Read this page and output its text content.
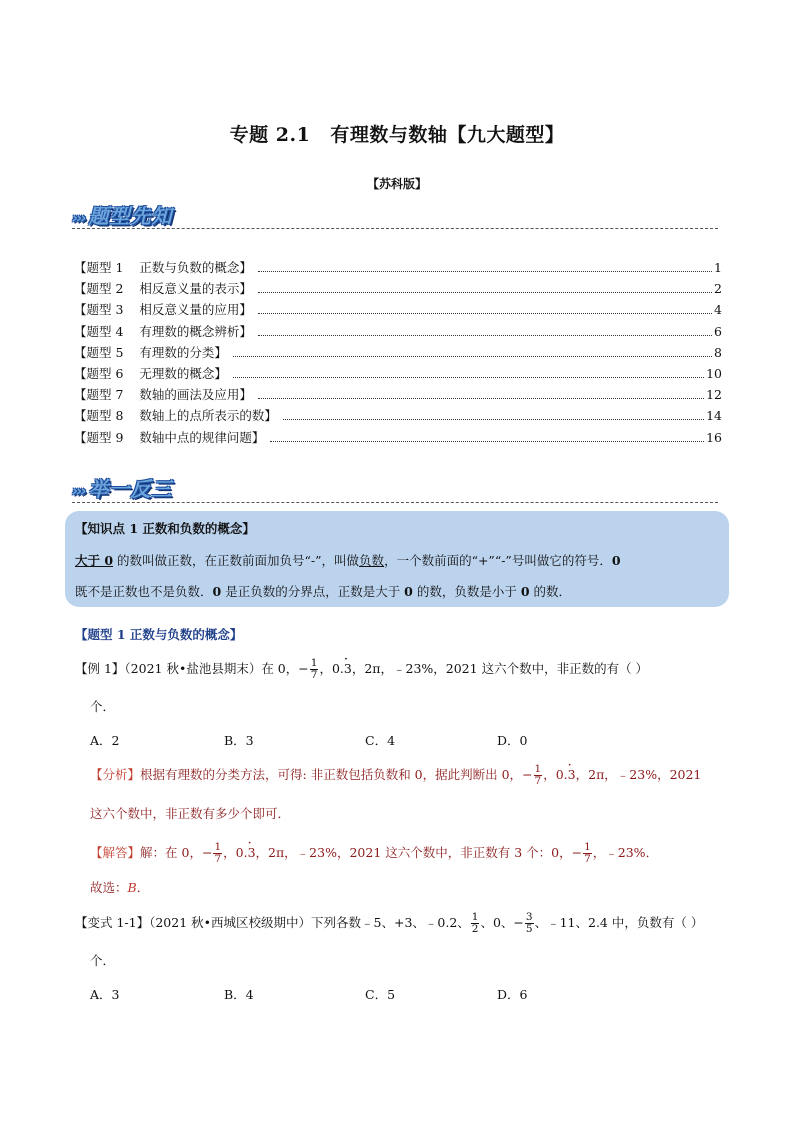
专题 2.1 有理数与数轴【九大题型】
【苏科版】
››› 题型先知
【题型 1    正数与负数的概念】	1
【题型 2    相反意义量的表示】	2
【题型 3    相反意义量的应用】	4
【题型 4    有理数的概念辨析】	6
【题型 5    有理数的分类】	8
【题型 6    无理数的概念】	10
【题型 7    数轴的画法及应用】	12
【题型 8    数轴上的点所表示的数】	14
【题型 9    数轴中点的规律问题】	16
››› 举一反三
【知识点 1 正数和负数的概念】
大于 0 的数叫做正数，在正数前面加负号“-”，叫做负数，一个数前面的“+”“-”号叫做它的符号．0
既不是正数也不是负数．0 是正负数的分界点，正数是大于 0 的数，负数是小于 0 的数．
【题型 1 正数与负数的概念】
【例 1】（2021 秋•盐池县期末）在 0，− $\frac{1}{7}$ ，0.· 3，2π，﹣23%，2021 这六个数中，非正数的有（ ）
个．
A．2	B．3	C．4	D．0
【分析】根据有理数的分类方法，可得: 非正数包括负数和 0，据此判断出 0，− $\frac{1}{7}$ ，0.· 3，2π，﹣23%，2021
这六个数中，非正数有多少个即可．
【解答】解：在 0，− $\frac{1}{7}$ ，0.· 3，2π，﹣23%，2021 这六个数中，非正数有 3 个：0，− $\frac{1}{7}$ ，﹣23%．
故选：B．
【变式 1-1】（2021 秋•西城区校级期中）下列各数﹣5、+3、﹣0.2、 $\frac{1}{2}$ 、0、− $\frac{3}{5}$ 、﹣11、2.4 中，负数有（ ）
个．
A．3	B．4	C．5	D．6
